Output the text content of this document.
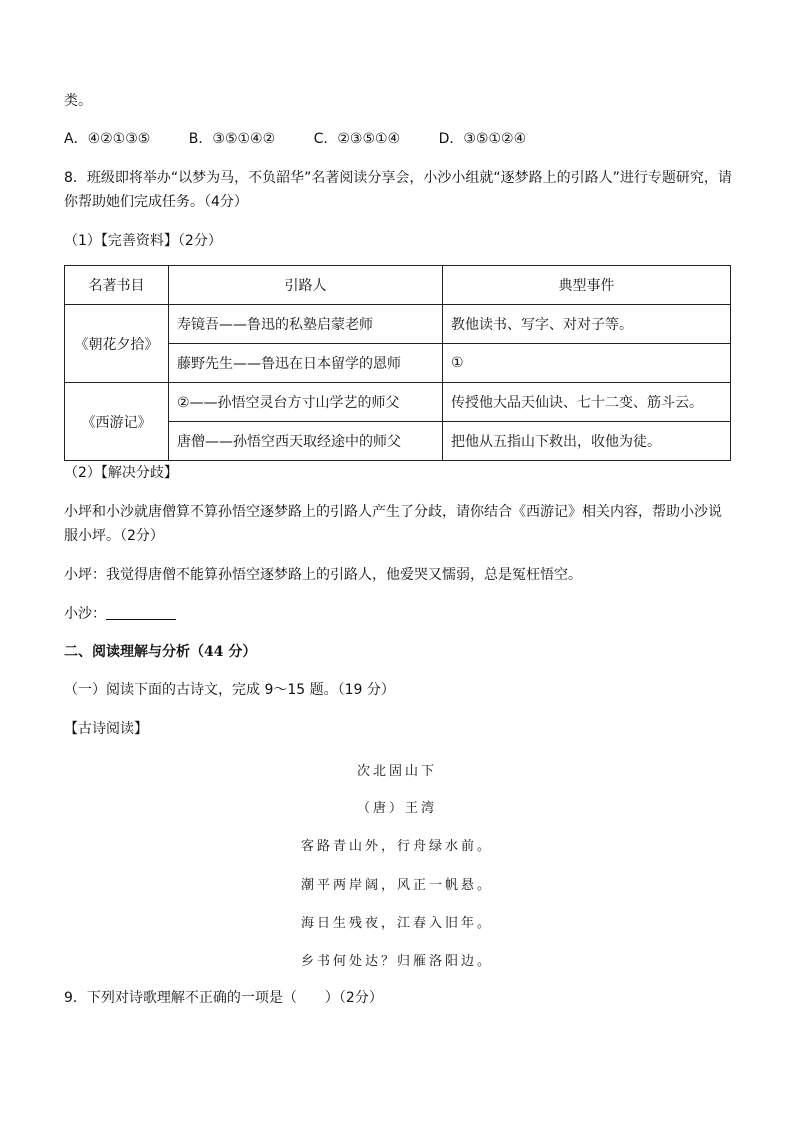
类。
A．④②①③⑤	B．③⑤①④②	C．②③⑤①④	D．③⑤①②④
8．班级即将举办“以梦为马，不负韶华”名著阅读分享会，小沙小组就“逐梦路上的引路人”进行专题研究，请
你帮助她们完成任务。（4分）
（1）【完善资料】（2分）
名著书目	引路人	典型事件
《朝花夕拾》	寿镜吾——鲁迅的私塾启蒙老师	教他读书、写字、对对子等。
	藤野先生——鲁迅在日本留学的恩师	①
《西游记》	②——孙悟空灵台方寸山学艺的师父	传授他大品天仙诀、七十二变、筋斗云。
	唐僧——孙悟空西天取经途中的师父	把他从五指山下救出，收他为徒。
（2）【解决分歧】
小坪和小沙就唐僧算不算孙悟空逐梦路上的引路人产生了分歧，请你结合《西游记》相关内容，帮助小沙说
服小坪。（2分）
小坪：我觉得唐僧不能算孙悟空逐梦路上的引路人，他爱哭又懦弱，总是冤枉悟空。
小沙：
二、阅读理解与分析（44 分）
（一）阅读下面的古诗文，完成 9～15 题。（19 分）
【古诗阅读】
次北固山下
（唐）王湾
客路青山外，行舟绿水前。
潮平两岸阔，风正一帆悬。
海日生残夜，江春入旧年。
乡书何处达？归雁洛阳边。
9．下列对诗歌理解不正确的一项是（　　）（2分）
